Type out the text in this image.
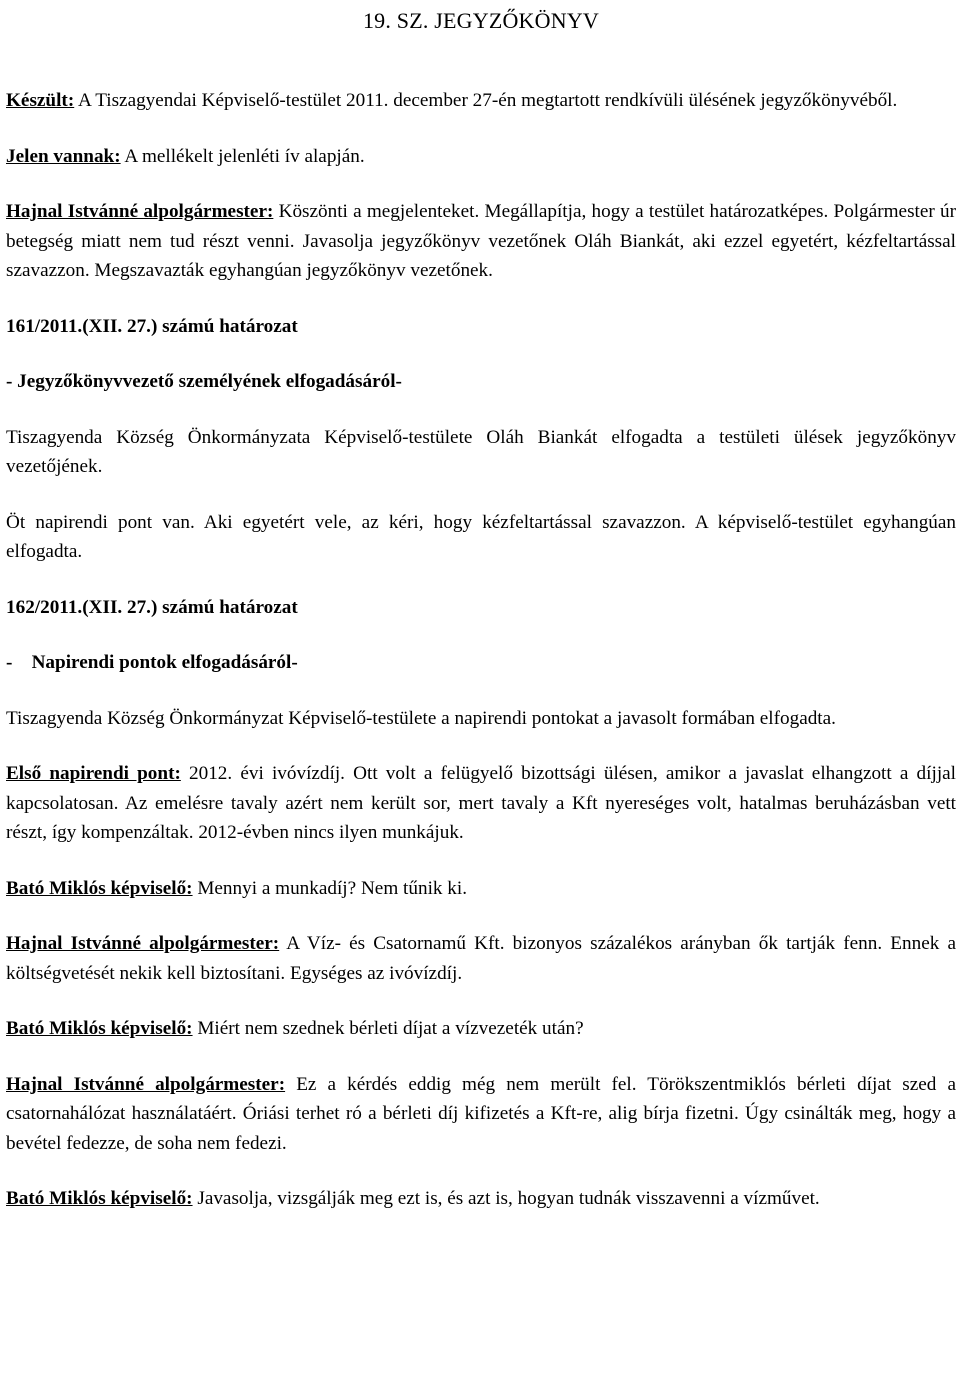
19. SZ. JEGYZŐKÖNYV

Készült: A Tiszagyendai Képviselő-testület 2011. december 27-én megtartott rendkívüli ülésének jegyzőkönyvéből.

Jelen vannak: A mellékelt jelenléti ív alapján.

Hajnal Istvánné alpolgármester: Köszönti a megjelenteket. Megállapítja, hogy a testület határozatképes. Polgármester úr betegség miatt nem tud részt venni. Javasolja jegyzőkönyv vezetőnek Oláh Biankát, aki ezzel egyetért, kézfeltartással szavazzon. Megszavazták egyhangúan jegyzőkönyv vezetőnek.

161/2011.(XII. 27.) számú határozat

- Jegyzőkönyvvezető személyének elfogadásáról-

Tiszagyenda Község Önkormányzata Képviselő-testülete Oláh Biankát elfogadta a testületi ülések jegyzőkönyv vezetőjének.

Öt napirendi pont van. Aki egyetért vele, az kéri, hogy kézfeltartással szavazzon. A képviselő-testület egyhangúan elfogadta.

162/2011.(XII. 27.) számú határozat

-    Napirendi pontok elfogadásáról-

Tiszagyenda Község Önkormányzat Képviselő-testülete a napirendi pontokat a javasolt formában elfogadta.

Első napirendi pont: 2012. évi ivóvízdíj. Ott volt a felügyelő bizottsági ülésen, amikor a javaslat elhangzott a díjjal kapcsolatosan. Az emelésre tavaly azért nem került sor, mert tavaly a Kft nyereséges volt, hatalmas beruházásban vett részt, így kompenzáltak. 2012-évben nincs ilyen munkájuk.

Bató Miklós képviselő: Mennyi a munkadíj? Nem tűnik ki.

Hajnal Istvánné alpolgármester: A Víz- és Csatornamű Kft. bizonyos százalékos arányban ők tartják fenn. Ennek a költségvetését nekik kell biztosítani. Egységes az ivóvízdíj.

Bató Miklós képviselő: Miért nem szednek bérleti díjat a vízvezeték után?

Hajnal Istvánné alpolgármester: Ez a kérdés eddig még nem merült fel. Törökszentmiklós bérleti díjat szed a csatornahálózat használatáért. Óriási terhet ró a bérleti díj kifizetés a Kft-re, alig bírja fizetni. Úgy csinálták meg, hogy a bevétel fedezze, de soha nem fedezi.

Bató Miklós képviselő: Javasolja, vizsgálják meg ezt is, és azt is, hogyan tudnák visszavenni a vízművet.
